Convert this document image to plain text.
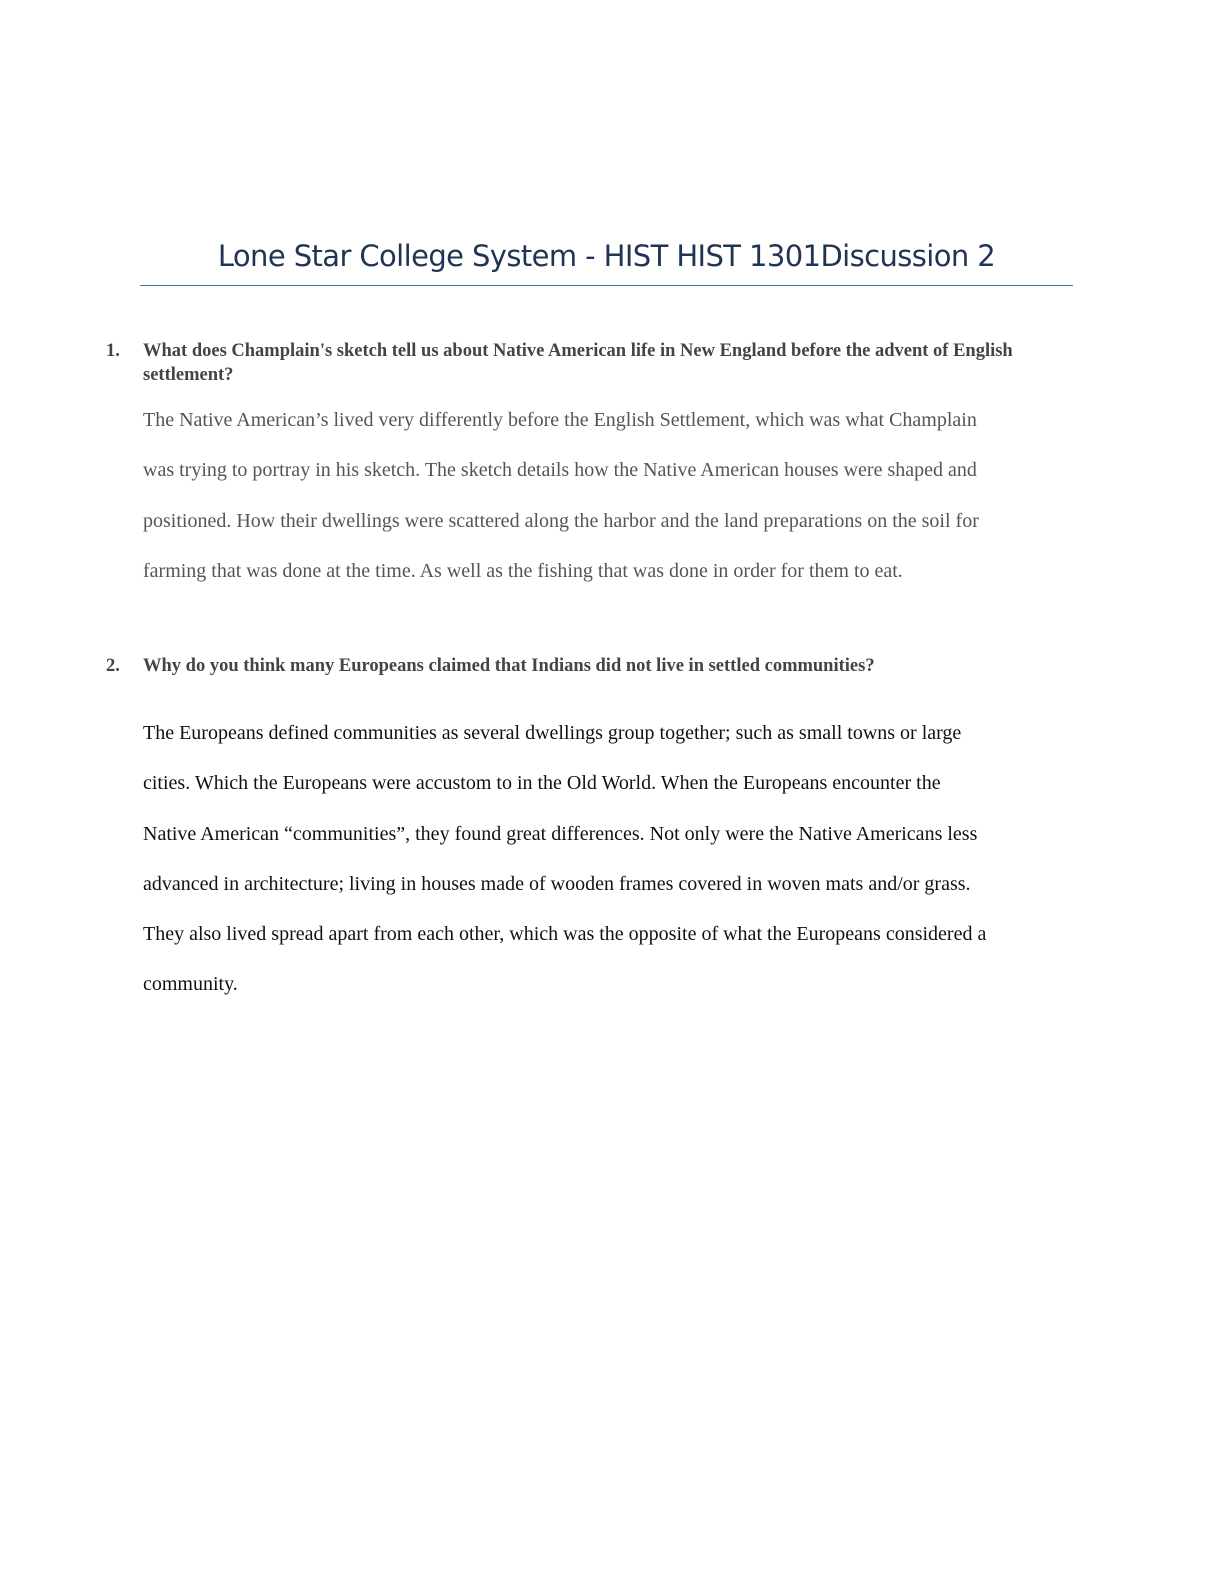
Lone Star College System - HIST HIST 1301Discussion 2
1.	What does Champlain's sketch tell us about Native American life in New England before the advent of English settlement?
The Native American’s lived very differently before the English Settlement, which was what Champlain
was trying to portray in his sketch. The sketch details how the Native American houses were shaped and
positioned. How their dwellings were scattered along the harbor and the land preparations on the soil for
farming that was done at the time. As well as the fishing that was done in order for them to eat.
2.	Why do you think many Europeans claimed that Indians did not live in settled communities?
The Europeans defined communities as several dwellings group together; such as small towns or large
cities. Which the Europeans were accustom to in the Old World. When the Europeans encounter the
Native American “communities”, they found great differences. Not only were the Native Americans less
advanced in architecture; living in houses made of wooden frames covered in woven mats and/or grass.
They also lived spread apart from each other, which was the opposite of what the Europeans considered a
community.
